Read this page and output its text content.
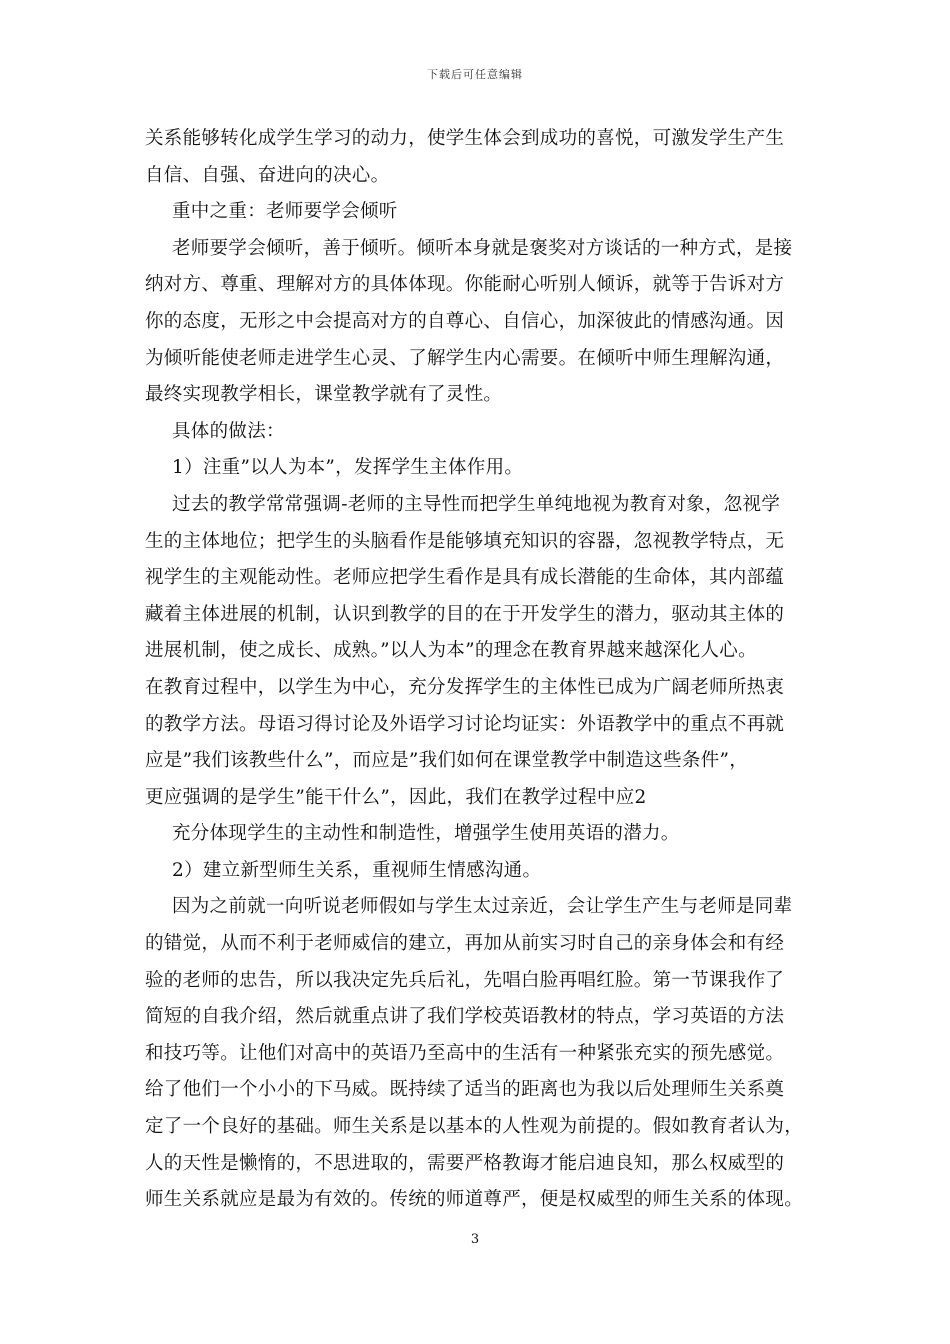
下载后可任意编辑
关系能够转化成学生学习的动力，使学生体会到成功的喜悦，可激发学生产生
自信、自强、奋进向的决心。
重中之重：老师要学会倾听
老师要学会倾听，善于倾听。倾听本身就是褒奖对方谈话的一种方式，是接
纳对方、尊重、理解对方的具体体现。你能耐心听别人倾诉，就等于告诉对方
你的态度，无形之中会提高对方的自尊心、自信心，加深彼此的情感沟通。因
为倾听能使老师走进学生心灵、了解学生内心需要。在倾听中师生理解沟通，
最终实现教学相长，课堂教学就有了灵性。
具体的做法：
1）注重”以人为本”，发挥学生主体作用。
过去的教学常常强调-老师的主导性而把学生单纯地视为教育对象，忽视学
生的主体地位；把学生的头脑看作是能够填充知识的容器，忽视教学特点，无
视学生的主观能动性。老师应把学生看作是具有成长潜能的生命体，其内部蕴
藏着主体进展的机制，认识到教学的目的在于开发学生的潜力，驱动其主体的
进展机制，使之成长、成熟。”以人为本”的理念在教育界越来越深化人心。
在教育过程中，以学生为中心，充分发挥学生的主体性已成为广阔老师所热衷
的教学方法。母语习得讨论及外语学习讨论均证实：外语教学中的重点不再就
应是”我们该教些什么”，而应是”我们如何在课堂教学中制造这些条件”，
更应强调的是学生”能干什么”，因此，我们在教学过程中应2
充分体现学生的主动性和制造性，增强学生使用英语的潜力。
2）建立新型师生关系，重视师生情感沟通。
因为之前就一向听说老师假如与学生太过亲近，会让学生产生与老师是同辈
的错觉，从而不利于老师威信的建立，再加从前实习时自己的亲身体会和有经
验的老师的忠告，所以我决定先兵后礼，先唱白脸再唱红脸。第一节课我作了
简短的自我介绍，然后就重点讲了我们学校英语教材的特点，学习英语的方法
和技巧等。让他们对高中的英语乃至高中的生活有一种紧张充实的预先感觉。
给了他们一个小小的下马威。既持续了适当的距离也为我以后处理师生关系奠
定了一个良好的基础。师生关系是以基本的人性观为前提的。假如教育者认为，
人的天性是懒惰的，不思进取的，需要严格教诲才能启迪良知，那么权威型的
师生关系就应是最为有效的。传统的师道尊严，便是权威型的师生关系的体现。
3
